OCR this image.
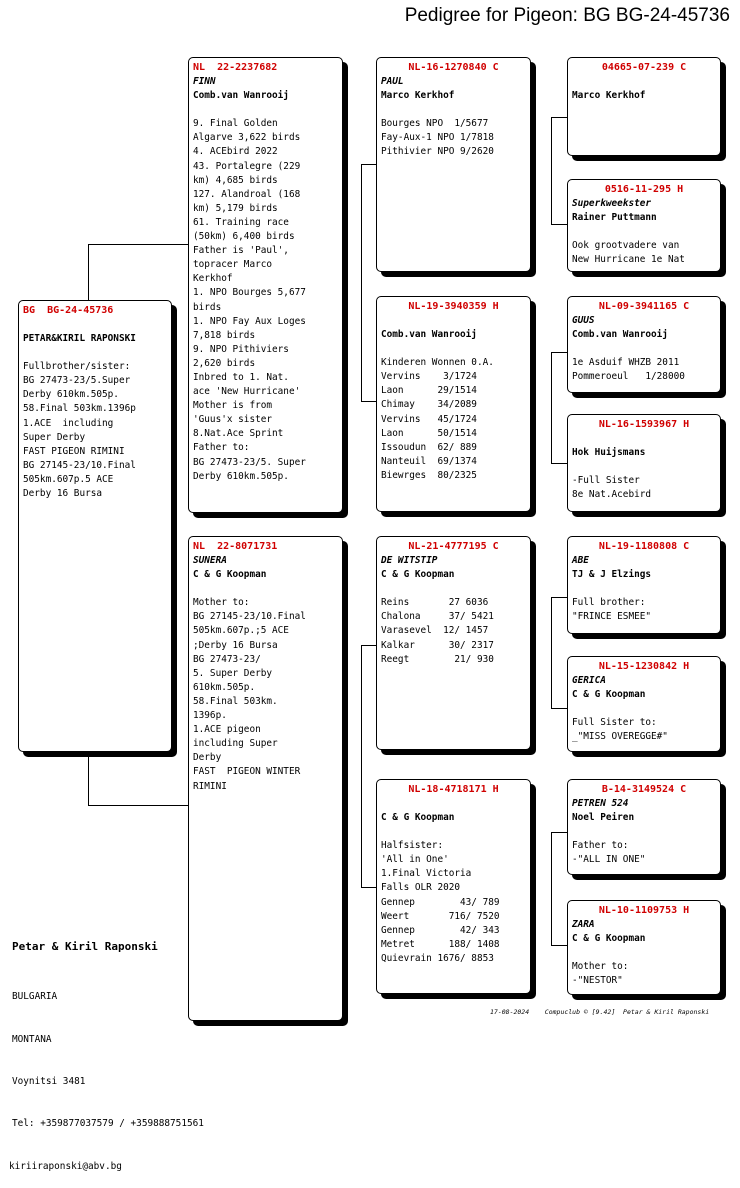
Pedigree for Pigeon: BG BG-24-45736
BG  BG-24-45736
PETAR&KIRIL RAPONSKI
Fullbrother/sister:
BG 27473-23/5.Super
Derby 610km.505p.
58.Final 503km.1396p
1.ACE  including
Super Derby
FAST PIGEON RIMINI
BG 27145-23/10.Final
505km.607p.5 ACE
Derby 16 Bursa
NL  22-2237682
FINN
Comb.van Wanrooij
9. Final Golden
Algarve 3,622 birds
4. ACEbird 2022
43. Portalegre (229
km) 4,685 birds
127. Alandroal (168
km) 5,179 birds
61. Training race
(50km) 6,400 birds
Father is 'Paul',
topracer Marco
Kerkhof
1. NPO Bourges 5,677
birds
1. NPO Fay Aux Loges
7,818 birds
9. NPO Pithiviers
2,620 birds
Inbred to 1. Nat.
ace 'New Hurricane'
Mother is from
'Guus'x sister
8.Nat.Ace Sprint
Father to:
BG 27473-23/5. Super
Derby 610km.505p.
NL  22-8071731
SUNERA
C & G Koopman
Mother to:
BG 27145-23/10.Final
505km.607p.;5 ACE
;Derby 16 Bursa
BG 27473-23/
5. Super Derby
610km.505p.
58.Final 503km.
1396p.
1.ACE pigeon
including Super
Derby
FAST  PIGEON WINTER
RIMINI
NL-16-1270840 C
PAUL
Marco Kerkhof
Bourges NPO  1/5677
Fay-Aux-1 NPO 1/7818
Pithivier NPO 9/2620
NL-19-3940359 H
Comb.van Wanrooij
Kinderen Wonnen 0.A.
Vervins    3/1724
Laon      29/1514
Chimay    34/2089
Vervins   45/1724
Laon      50/1514
Issoudun  62/ 889
Nanteuil  69/1374
Biewrges  80/2325
NL-21-4777195 C
DE WITSTIP
C & G Koopman
Reins       27 6036
Chalona     37/ 5421
Varasevel  12/ 1457
Kalkar      30/ 2317
Reegt        21/ 930
NL-18-4718171 H
C & G Koopman
Halfsister:
'All in One'
1.Final Victoria
Falls OLR 2020
Gennep        43/ 789
Weert       716/ 7520
Gennep        42/ 343
Metret      188/ 1408
Quievrain 1676/ 8853
04665-07-239 C
Marco Kerkhof
0516-11-295 H
Superkweekster
Rainer Puttmann
Ook grootvadere van
New Hurricane 1e Nat
NL-09-3941165 C
GUUS
Comb.van Wanrooij
1e Asduif WHZB 2011
Pommeroeul   1/28000
NL-16-1593967 H
Hok Huijsmans
-Full Sister
8e Nat.Acebird
NL-19-1180808 C
ABE
TJ & J Elzings
Full brother:
"FRINCE ESMEE"
NL-15-1230842 H
GERICA
C & G Koopman
Full Sister to:
_"MISS OVEREGGE#"
B-14-3149524 C
PETREN 524
Noel Peiren
Father to:
-"ALL IN ONE"
NL-10-1109753 H
ZARA
C & G Koopman
Mother to:
-"NESTOR"

Petar & Kiril Raponski

BULGARIA

MONTANA

Voynitsi 3481

Tel: +359877037579 / +359888751561

kiriiraponski@abv.bg

17-08-2024    Compuclub © [9.42]  Petar & Kiril Raponski
